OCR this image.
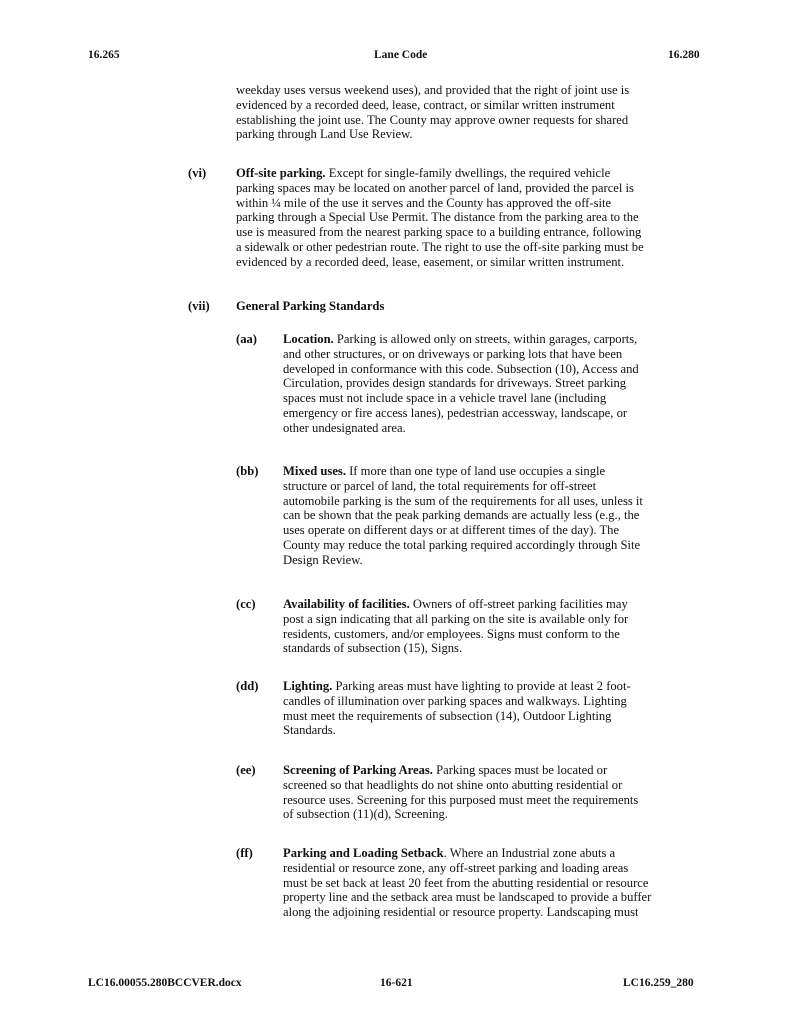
16.265	Lane Code	16.280
weekday uses versus weekend uses), and provided that the right of joint use is
evidenced by a recorded deed, lease, contract, or similar written instrument
establishing the joint use. The County may approve owner requests for shared
parking through Land Use Review.
(vi) Off-site parking. Except for single-family dwellings, the required vehicle
parking spaces may be located on another parcel of land, provided the parcel is
within ¼ mile of the use it serves and the County has approved the off-site
parking through a Special Use Permit. The distance from the parking area to the
use is measured from the nearest parking space to a building entrance, following
a sidewalk or other pedestrian route. The right to use the off-site parking must be
evidenced by a recorded deed, lease, easement, or similar written instrument.
(vii) General Parking Standards
(aa) Location. Parking is allowed only on streets, within garages, carports,
and other structures, or on driveways or parking lots that have been
developed in conformance with this code. Subsection (10), Access and
Circulation, provides design standards for driveways. Street parking
spaces must not include space in a vehicle travel lane (including
emergency or fire access lanes), pedestrian accessway, landscape, or
other undesignated area.
(bb) Mixed uses. If more than one type of land use occupies a single
structure or parcel of land, the total requirements for off-street
automobile parking is the sum of the requirements for all uses, unless it
can be shown that the peak parking demands are actually less (e.g., the
uses operate on different days or at different times of the day). The
County may reduce the total parking required accordingly through Site
Design Review.
(cc) Availability of facilities. Owners of off-street parking facilities may
post a sign indicating that all parking on the site is available only for
residents, customers, and/or employees. Signs must conform to the
standards of subsection (15), Signs.
(dd) Lighting. Parking areas must have lighting to provide at least 2 foot-
candles of illumination over parking spaces and walkways. Lighting
must meet the requirements of subsection (14), Outdoor Lighting
Standards.
(ee) Screening of Parking Areas. Parking spaces must be located or
screened so that headlights do not shine onto abutting residential or
resource uses. Screening for this purposed must meet the requirements
of subsection (11)(d), Screening.
(ff) Parking and Loading Setback. Where an Industrial zone abuts a
residential or resource zone, any off-street parking and loading areas
must be set back at least 20 feet from the abutting residential or resource
property line and the setback area must be landscaped to provide a buffer
along the adjoining residential or resource property. Landscaping must
LC16.00055.280BCCVER.docx	16-621	LC16.259_280
